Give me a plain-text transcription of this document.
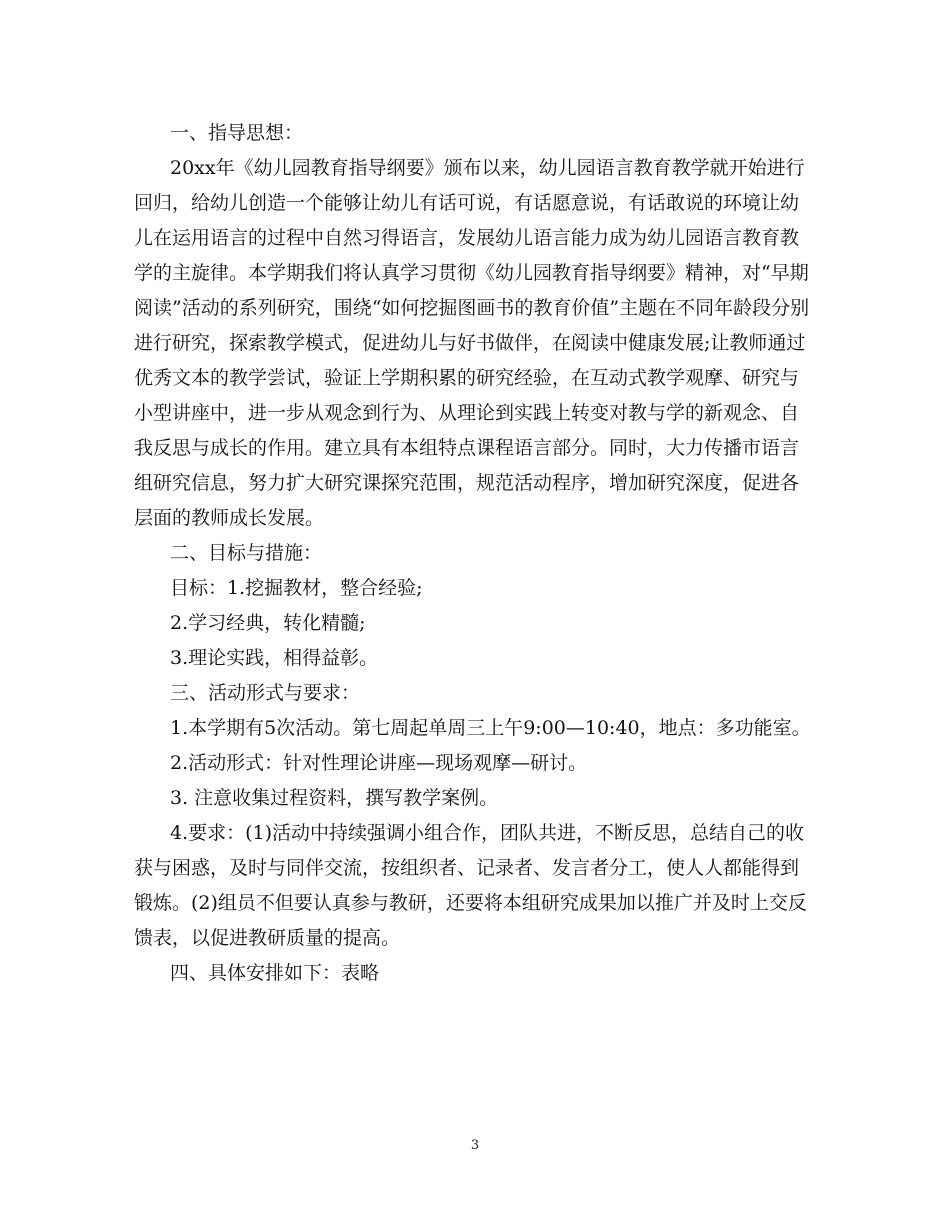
一、指导思想：
20xx年《幼儿园教育指导纲要》颁布以来，幼儿园语言教育教学就开始进行
回归，给幼儿创造一个能够让幼儿有话可说，有话愿意说，有话敢说的环境让幼
儿在运用语言的过程中自然习得语言，发展幼儿语言能力成为幼儿园语言教育教
学的主旋律。本学期我们将认真学习贯彻《幼儿园教育指导纲要》精神，对“早期
阅读”活动的系列研究，围绕“如何挖掘图画书的教育价值”主题在不同年龄段分别
进行研究，探索教学模式，促进幼儿与好书做伴，在阅读中健康发展;让教师通过
优秀文本的教学尝试，验证上学期积累的研究经验，在互动式教学观摩、研究与
小型讲座中，进一步从观念到行为、从理论到实践上转变对教与学的新观念、自
我反思与成长的作用。建立具有本组特点课程语言部分。同时，大力传播市语言
组研究信息，努力扩大研究课探究范围，规范活动程序，增加研究深度，促进各
层面的教师成长发展。
二、目标与措施：
目标：1.挖掘教材，整合经验;
2.学习经典，转化精髓;
3.理论实践，相得益彰。
三、活动形式与要求：
1.本学期有5次活动。第七周起单周三上午9:00—10:40，地点：多功能室。
2.活动形式：针对性理论讲座—现场观摩—研讨。
3. 注意收集过程资料，撰写教学案例。
4.要求：(1)活动中持续强调小组合作，团队共进，不断反思，总结自己的收
获与困惑，及时与同伴交流，按组织者、记录者、发言者分工，使人人都能得到
锻炼。(2)组员不但要认真参与教研，还要将本组研究成果加以推广并及时上交反
馈表，以促进教研质量的提高。
四、具体安排如下：表略
3
